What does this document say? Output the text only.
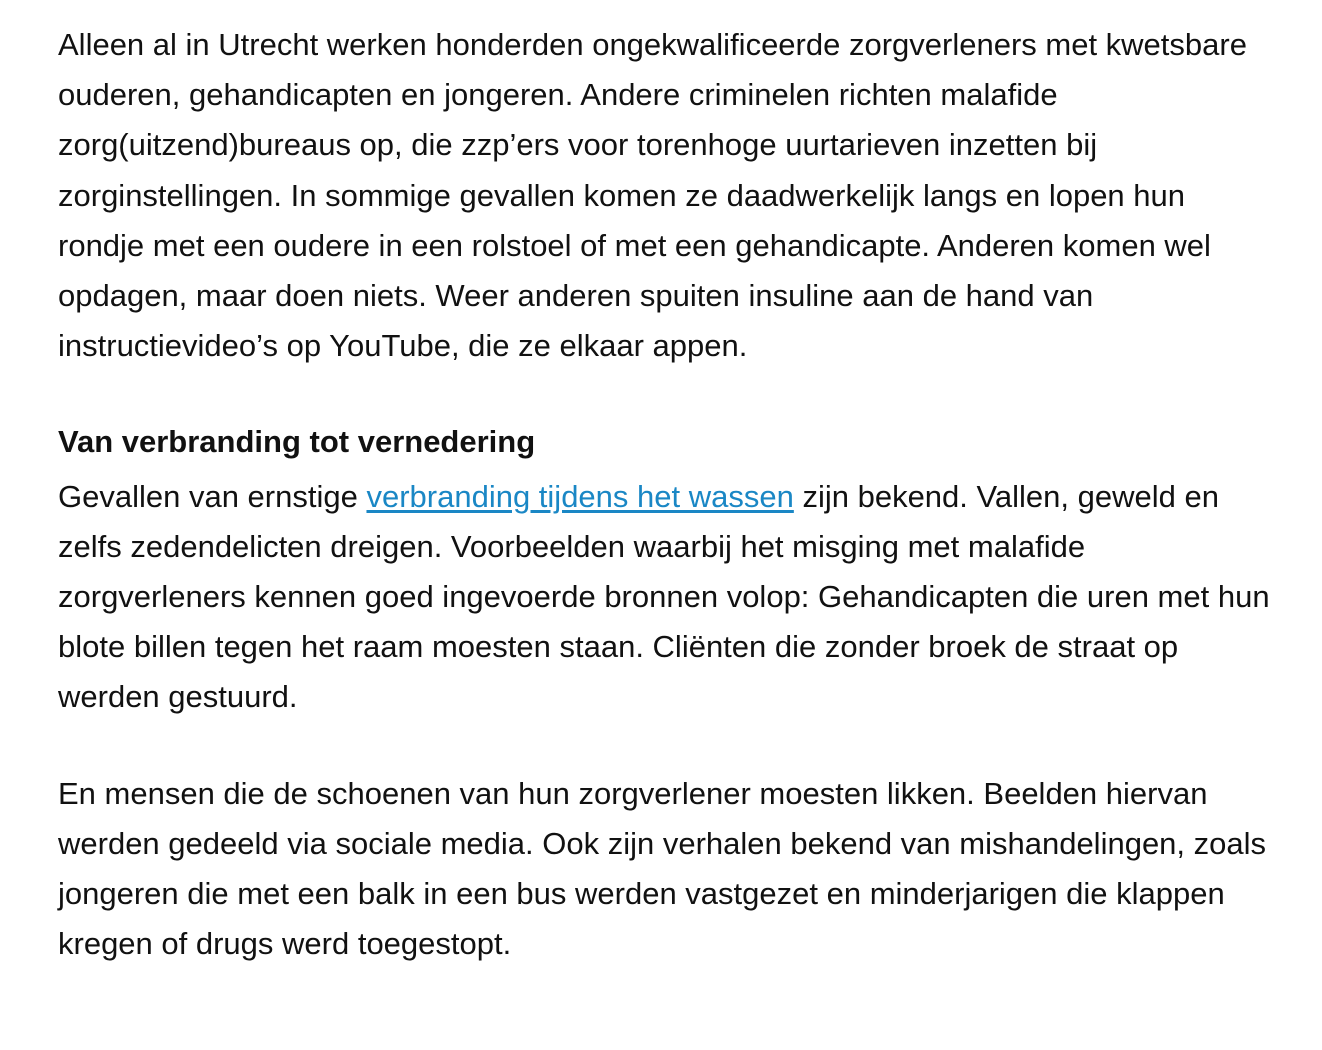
Alleen al in Utrecht werken honderden ongekwalificeerde zorgverleners met kwetsbare ouderen, gehandicapten en jongeren. Andere criminelen richten malafide zorg(uitzend)bureaus op, die zzp’ers voor torenhoge uurtarieven inzetten bij zorginstellingen. In sommige gevallen komen ze daadwerkelijk langs en lopen hun rondje met een oudere in een rolstoel of met een gehandicapte. Anderen komen wel opdagen, maar doen niets. Weer anderen spuiten insuline aan de hand van instructievideo’s op YouTube, die ze elkaar appen.

Van verbranding tot vernedering

Gevallen van ernstige verbranding tijdens het wassen zijn bekend. Vallen, geweld en zelfs zedendelicten dreigen. Voorbeelden waarbij het misging met malafide zorgverleners kennen goed ingevoerde bronnen volop: Gehandicapten die uren met hun blote billen tegen het raam moesten staan. Cliënten die zonder broek de straat op werden gestuurd.

En mensen die de schoenen van hun zorgverlener moesten likken. Beelden hiervan werden gedeeld via sociale media. Ook zijn verhalen bekend van mishandelingen, zoals jongeren die met een balk in een bus werden vastgezet en minderjarigen die klappen kregen of drugs werd toegestopt.
